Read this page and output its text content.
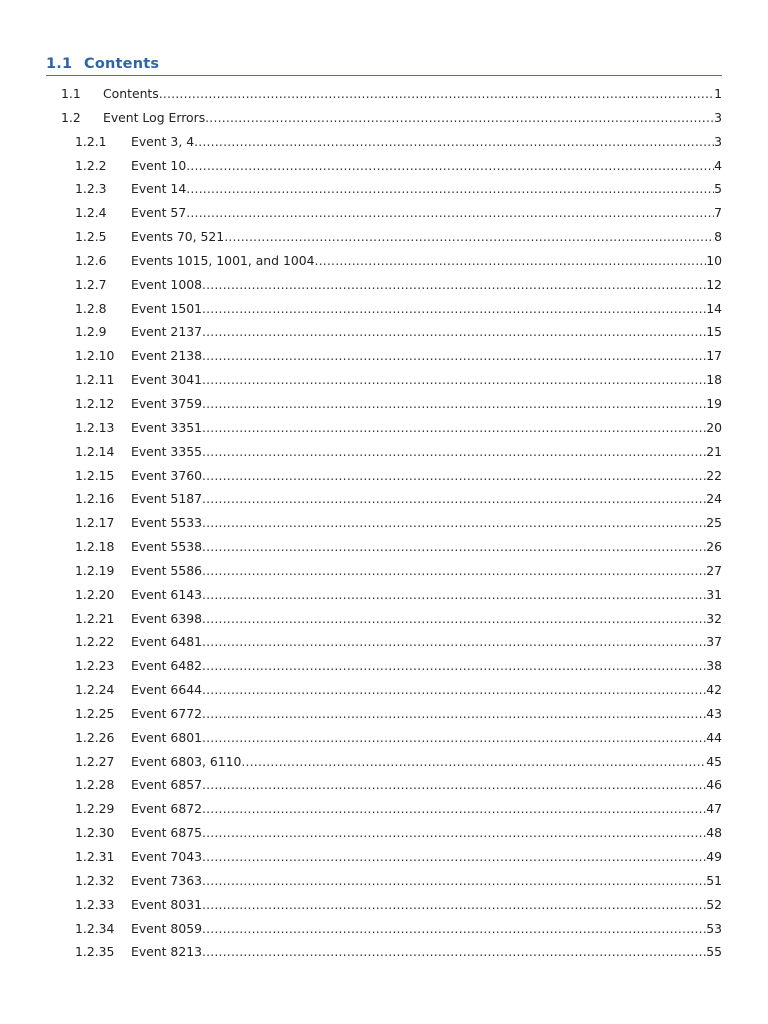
1.1 Contents
1.1 Contents .....	1
1.2 Event Log Errors .....	3
1.2.1 Event 3, 4 .....	3
1.2.2 Event 10 .....	4
1.2.3 Event 14 .....	5
1.2.4 Event 57 .....	7
1.2.5 Events 70, 521 .....	8
1.2.6 Events 1015, 1001, and 1004 .....	10
1.2.7 Event 1008 .....	12
1.2.8 Event 1501 .....	14
1.2.9 Event 2137 .....	15
1.2.10 Event 2138 .....	17
1.2.11 Event 3041 .....	18
1.2.12 Event 3759 .....	19
1.2.13 Event 3351 .....	20
1.2.14 Event 3355 .....	21
1.2.15 Event 3760 .....	22
1.2.16 Event 5187 .....	24
1.2.17 Event 5533 .....	25
1.2.18 Event 5538 .....	26
1.2.19 Event 5586 .....	27
1.2.20 Event 6143 .....	31
1.2.21 Event 6398 .....	32
1.2.22 Event 6481 .....	37
1.2.23 Event 6482 .....	38
1.2.24 Event 6644 .....	42
1.2.25 Event 6772 .....	43
1.2.26 Event 6801 .....	44
1.2.27 Event 6803, 6110 .....	45
1.2.28 Event 6857 .....	46
1.2.29 Event 6872 .....	47
1.2.30 Event 6875 .....	48
1.2.31 Event 7043 .....	49
1.2.32 Event 7363 .....	51
1.2.33 Event 8031 .....	52
1.2.34 Event 8059 .....	53
1.2.35 Event 8213 .....	55
